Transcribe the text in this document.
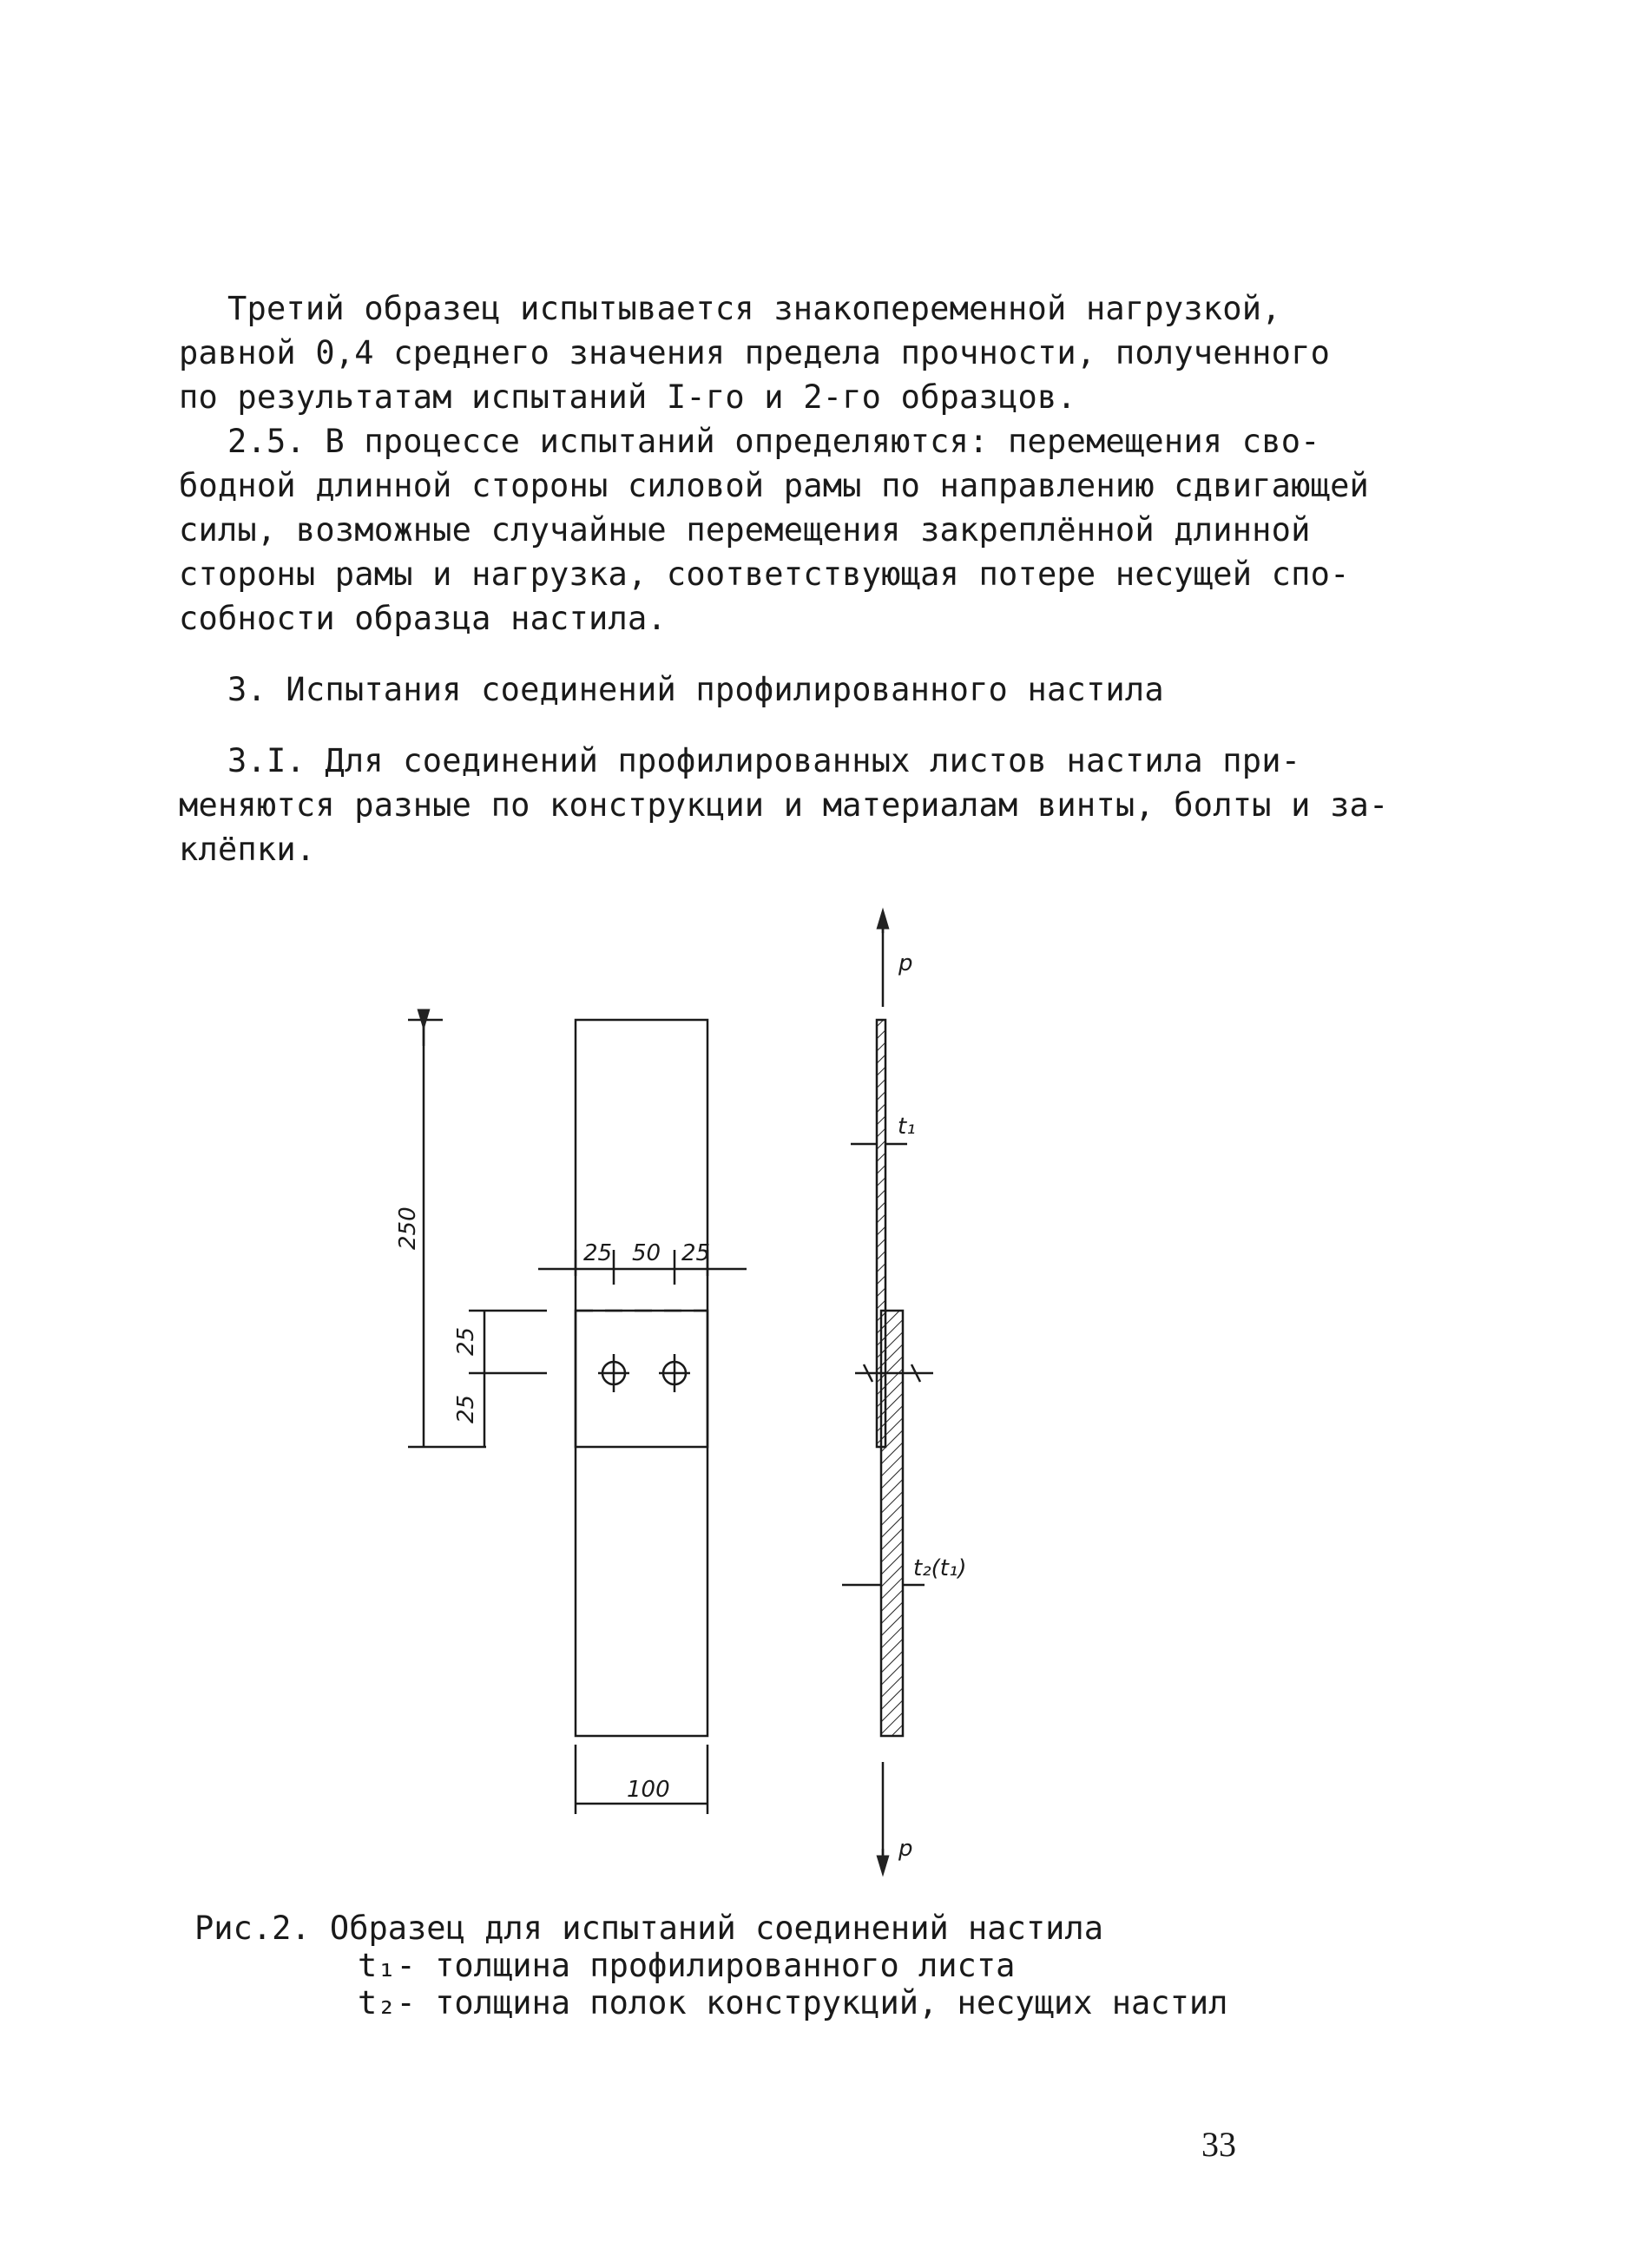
Третий образец испытывается знакопеременной нагрузкой,
равной 0,4 среднего значения предела прочности, полученного
по результатам испытаний I-го и 2-го образцов.
2.5. В процессе испытаний определяются: перемещения сво-
бодной длинной стороны силовой рамы по направлению сдвигающей
силы, возможные случайные перемещения закреплённой длинной
стороны рамы и нагрузка, соответствующая потере несущей спо-
собности образца настила.
3. Испытания соединений профилированного настила
3.I. Для соединений профилированных листов настила при-
меняются разные по конструкции и материалам винты, болты и за-
клёпки.
250
25
25
25 50 25
100
p
t₁
t₂(t₁)
p
Рис.2. Образец для испытаний соединений настила
t₁- толщина профилированного листа
t₂- толщина полок конструкций, несущих настил
33
